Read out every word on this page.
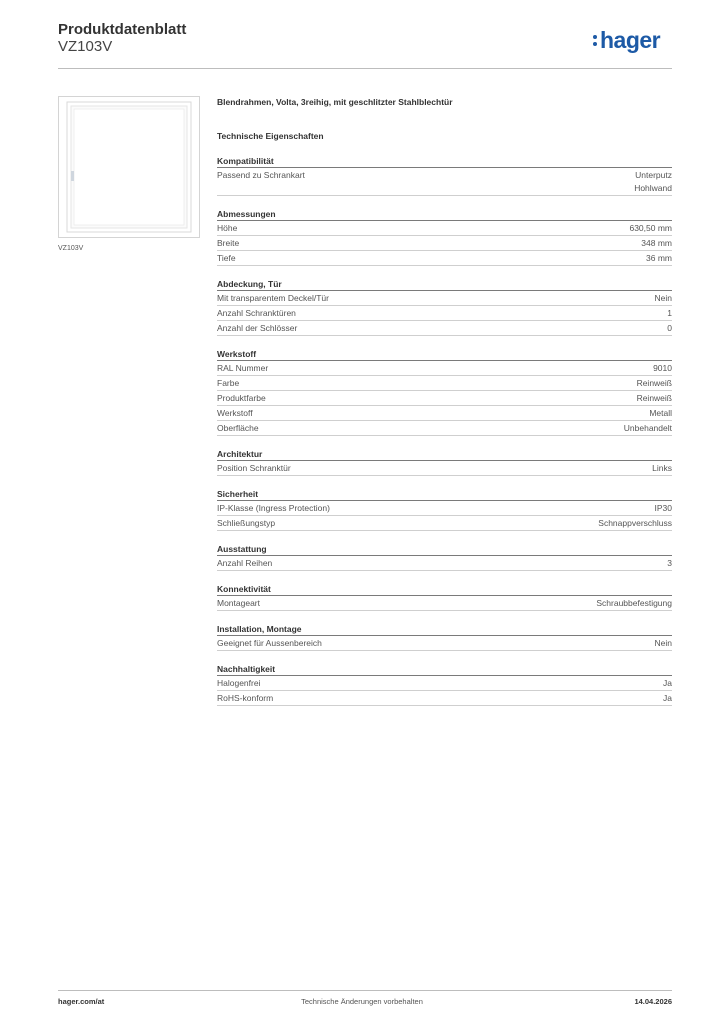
Produktdatenblatt
VZ103V	hager
VZ103V
Blendrahmen, Volta, 3reihig, mit geschlitzter Stahlblechtür
Technische Eigenschaften
Kompatibilität
Passend zu Schrankart	Unterputz
Hohlwand
Abmessungen
Höhe	630,50 mm
Breite	348 mm
Tiefe	36 mm
Abdeckung, Tür
Mit transparentem Deckel/Tür	Nein
Anzahl Schranktüren	1
Anzahl der Schlösser	0
Werkstoff
RAL Nummer	9010
Farbe	Reinweiß
Produktfarbe	Reinweiß
Werkstoff	Metall
Oberfläche	Unbehandelt
Architektur
Position Schranktür	Links
Sicherheit
IP-Klasse (Ingress Protection)	IP30
Schließungstyp	Schnappverschluss
Ausstattung
Anzahl Reihen	3
Konnektivität
Montageart	Schraubbefestigung
Installation, Montage
Geeignet für Aussenbereich	Nein
Nachhaltigkeit
Halogenfrei	Ja
RoHS-konform	Ja
hager.com/at	Technische Änderungen vorbehalten	14.04.2026
